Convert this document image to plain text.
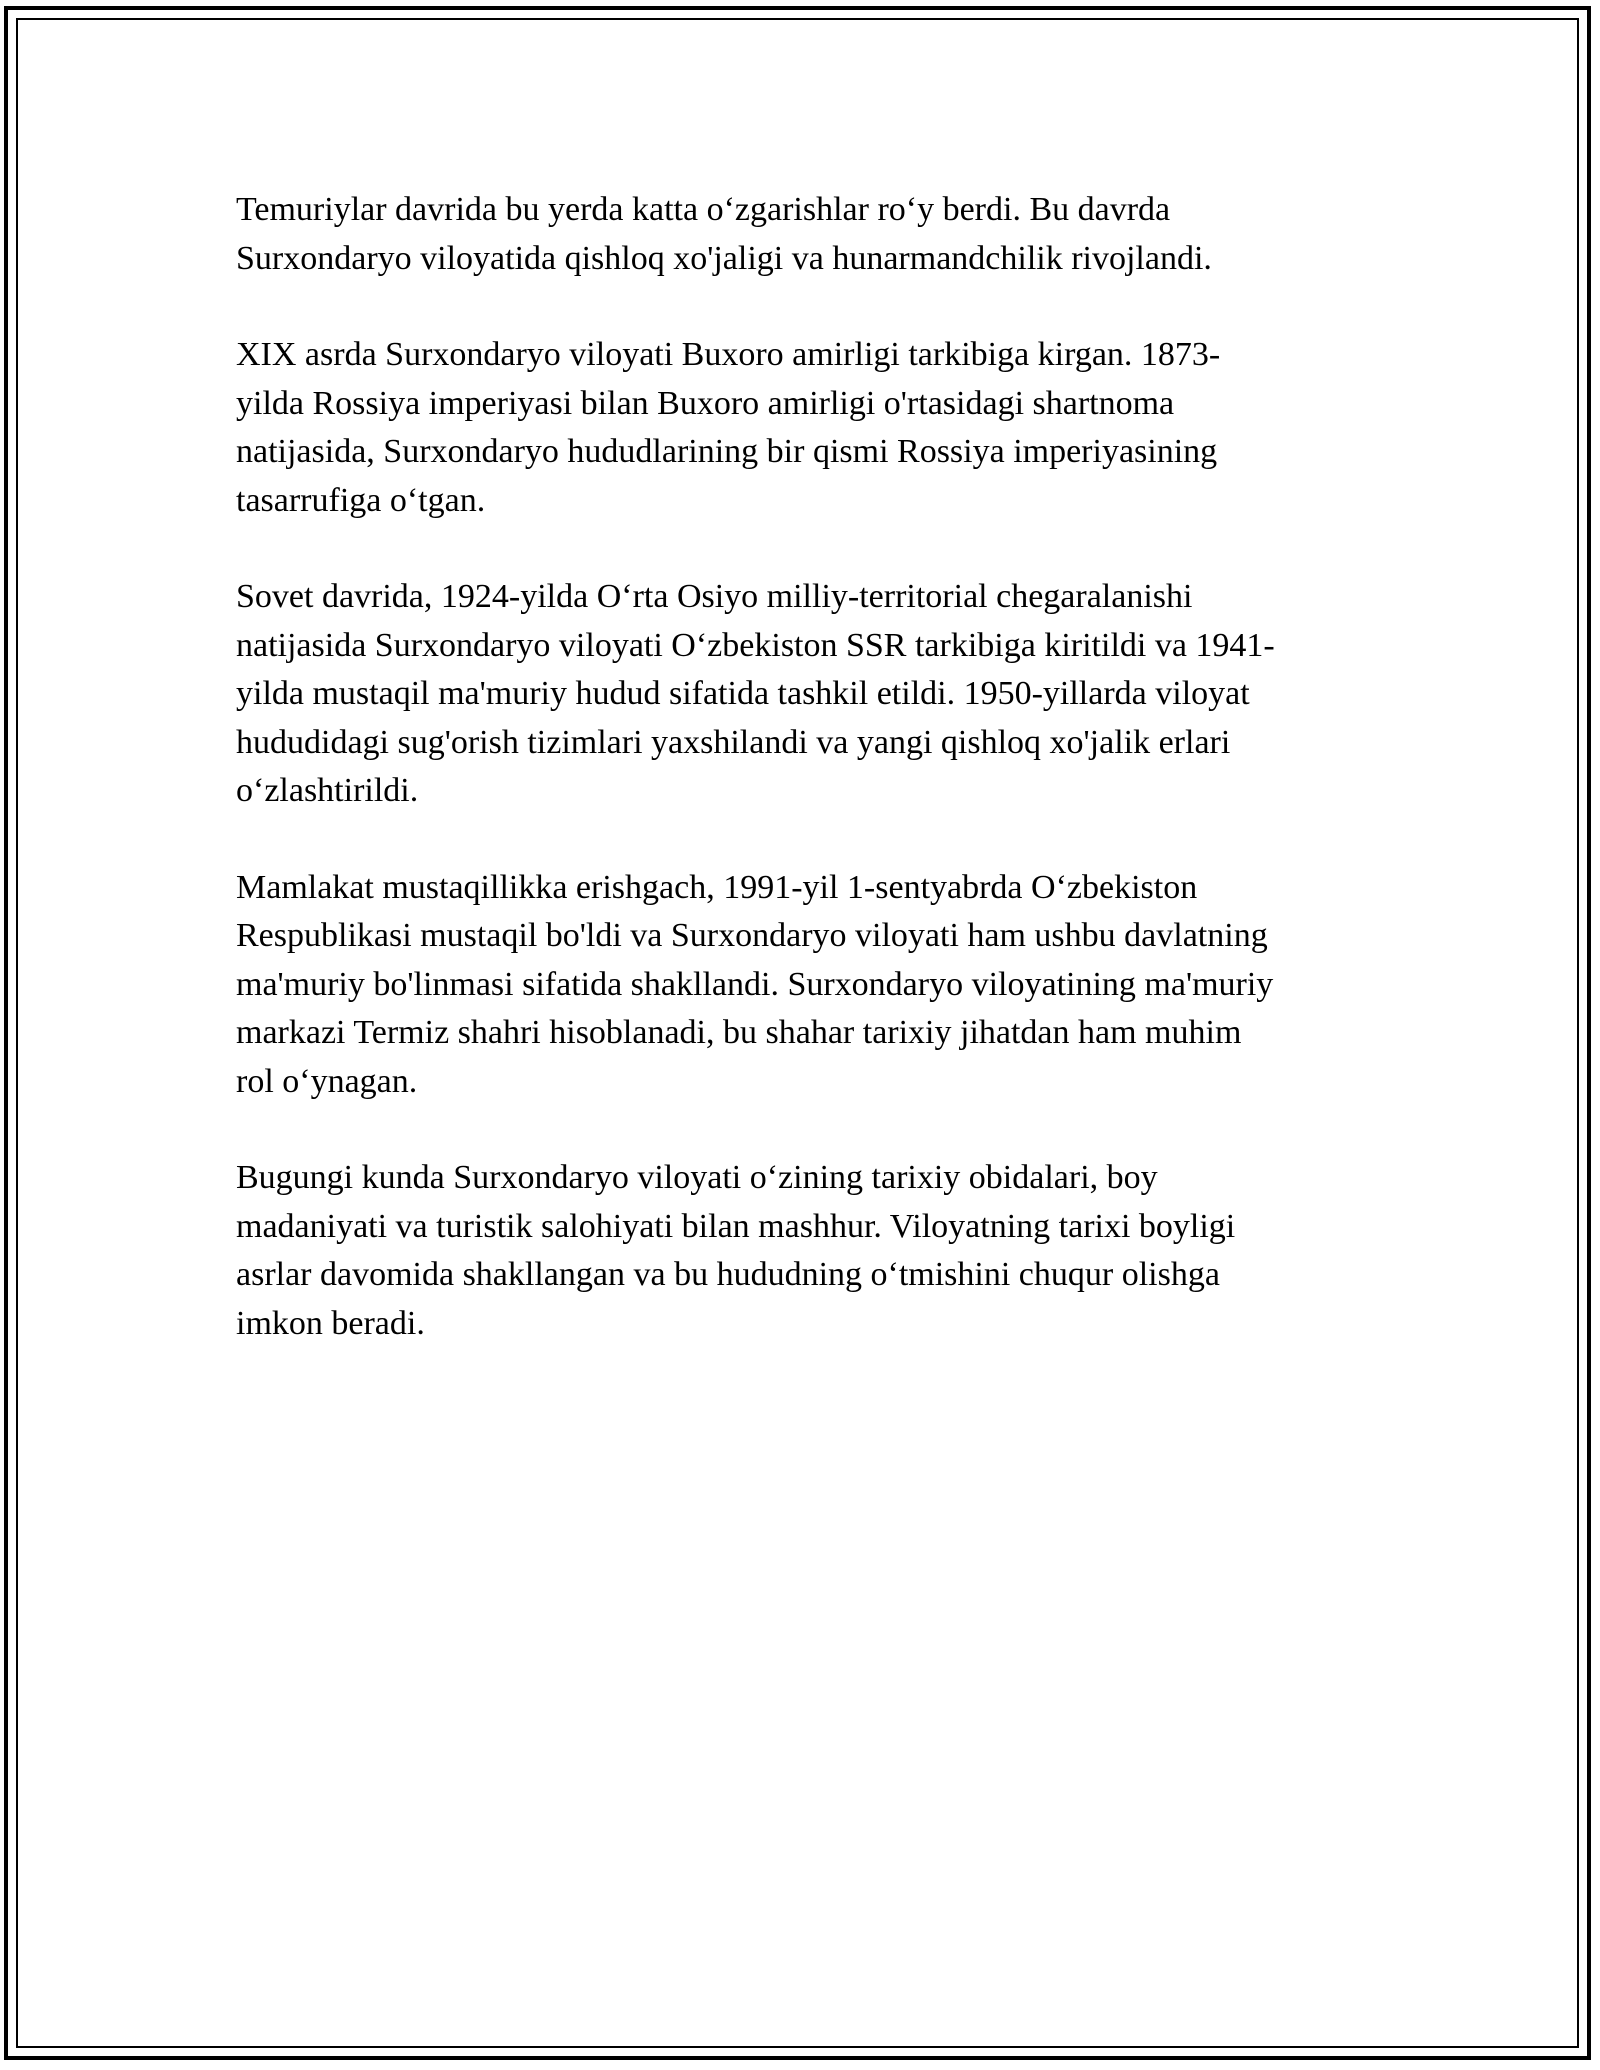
Temuriylar davrida bu yerda katta o‘zgarishlar ro‘y berdi. Bu davrda
Surxondaryo viloyatida qishloq xo'jaligi va hunarmandchilik rivojlandi.

XIX asrda Surxondaryo viloyati Buxoro amirligi tarkibiga kirgan. 1873-
yilda Rossiya imperiyasi bilan Buxoro amirligi o'rtasidagi shartnoma
natijasida, Surxondaryo hududlarining bir qismi Rossiya imperiyasining
tasarrufiga o‘tgan.

Sovet davrida, 1924-yilda O‘rta Osiyo milliy-territorial chegaralanishi
natijasida Surxondaryo viloyati O‘zbekiston SSR tarkibiga kiritildi va 1941-
yilda mustaqil ma'muriy hudud sifatida tashkil etildi. 1950-yillarda viloyat
hududidagi sug'orish tizimlari yaxshilandi va yangi qishloq xo'jalik erlari
o‘zlashtirildi.

Mamlakat mustaqillikka erishgach, 1991-yil 1-sentyabrda O‘zbekiston
Respublikasi mustaqil bo'ldi va Surxondaryo viloyati ham ushbu davlatning
ma'muriy bo'linmasi sifatida shakllandi. Surxondaryo viloyatining ma'muriy
markazi Termiz shahri hisoblanadi, bu shahar tarixiy jihatdan ham muhim
rol o‘ynagan.

Bugungi kunda Surxondaryo viloyati o‘zining tarixiy obidalari, boy
madaniyati va turistik salohiyati bilan mashhur. Viloyatning tarixi boyligi
asrlar davomida shakllangan va bu hududning o‘tmishini chuqur olishga
imkon beradi.
